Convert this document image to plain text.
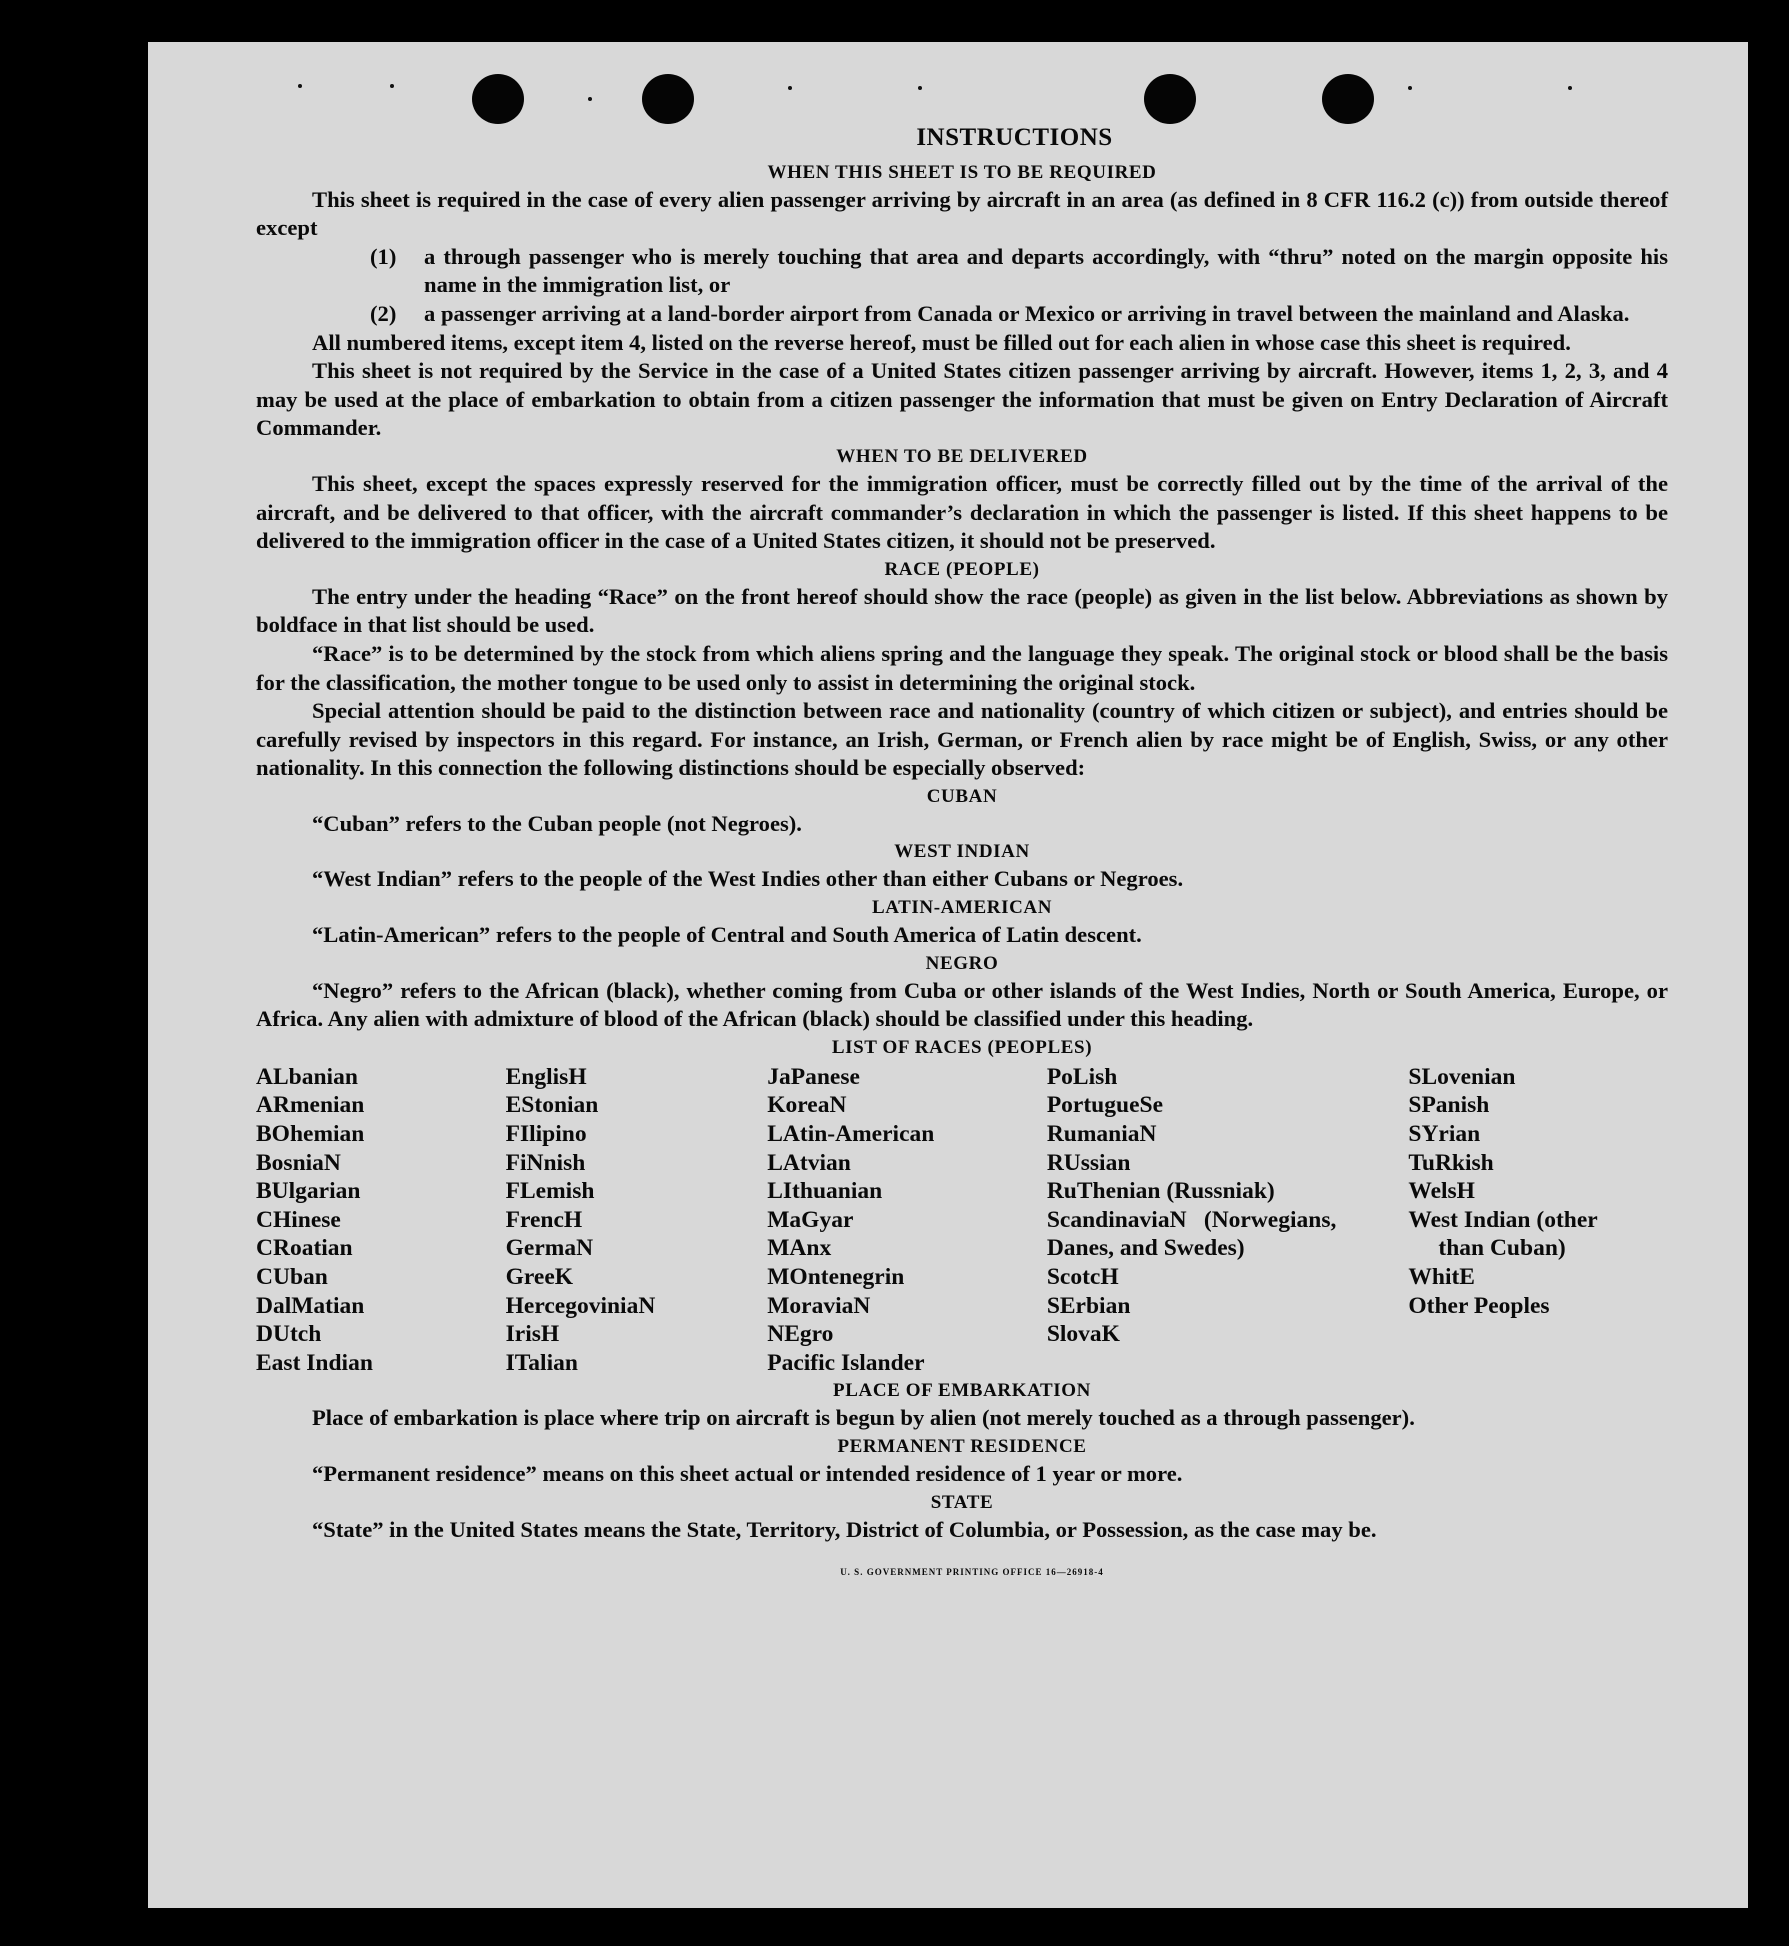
INSTRUCTIONS
WHEN THIS SHEET IS TO BE REQUIRED

This sheet is required in the case of every alien passenger arriving by aircraft in an area (as defined in 8 CFR 116.2 (c)) from outside thereof except

(1)	a through passenger who is merely touching that area and departs accordingly, with “thru” noted on the margin opposite his name in the immigration list, or
(2)	a passenger arriving at a land-border airport from Canada or Mexico or arriving in travel between the mainland and Alaska.

All numbered items, except item 4, listed on the reverse hereof, must be filled out for each alien in whose case this sheet is required.

This sheet is not required by the Service in the case of a United States citizen passenger arriving by aircraft. However, items 1, 2, 3, and 4 may be used at the place of embarkation to obtain from a citizen passenger the information that must be given on Entry Declaration of Aircraft Commander.

WHEN TO BE DELIVERED

This sheet, except the spaces expressly reserved for the immigration officer, must be correctly filled out by the time of the arrival of the aircraft, and be delivered to that officer, with the aircraft commander’s declaration in which the passenger is listed. If this sheet happens to be delivered to the immigration officer in the case of a United States citizen, it should not be preserved.

RACE (PEOPLE)

The entry under the heading “Race” on the front hereof should show the race (people) as given in the list below. Abbreviations as shown by boldface in that list should be used.

“Race” is to be determined by the stock from which aliens spring and the language they speak. The original stock or blood shall be the basis for the classification, the mother tongue to be used only to assist in determining the original stock.

Special attention should be paid to the distinction between race and nationality (country of which citizen or subject), and entries should be carefully revised by inspectors in this regard. For instance, an Irish, German, or French alien by race might be of English, Swiss, or any other nationality. In this connection the following distinctions should be especially observed:

CUBAN

“Cuban” refers to the Cuban people (not Negroes).

WEST INDIAN

“West Indian” refers to the people of the West Indies other than either Cubans or Negroes.

LATIN-AMERICAN

“Latin-American” refers to the people of Central and South America of Latin descent.

NEGRO

“Negro” refers to the African (black), whether coming from Cuba or other islands of the West Indies, North or South America, Europe, or Africa. Any alien with admixture of blood of the African (black) should be classified under this heading.

LIST OF RACES (PEOPLES)
ALbanian
ARmenian
BOhemian
BosniaN
BUlgarian
CHinese
CRoatian
CUban
DalMatian
DUtch
East Indian
EnglisH
EStonian
FIlipino
FiNnish
FLemish
FrencH
GermaN
GreeK
HercegoviniaN
IrisH
ITalian
JaPanese
KoreaN
LAtin-American
LAtvian
LIthuanian
MaGyar
MAnx
MOntenegrin
MoraviaN
NEgro
Pacific Islander
PoLish
PortugueSe
RumaniaN
RUssian
RuThenian (Russniak)
ScandinaviaN (Norwegians, Danes, and Swedes)
ScotcH
SErbian
SlovaK
SLovenian
SPanish
SYrian
TuRkish
WelsH
West Indian (other
than Cuban)
WhitE
Other Peoples
PLACE OF EMBARKATION

Place of embarkation is place where trip on aircraft is begun by alien (not merely touched as a through passenger).

PERMANENT RESIDENCE

“Permanent residence” means on this sheet actual or intended residence of 1 year or more.

STATE

“State” in the United States means the State, Territory, District of Columbia, or Possession, as the case may be.

U. S. GOVERNMENT PRINTING OFFICE 16—26918-4
